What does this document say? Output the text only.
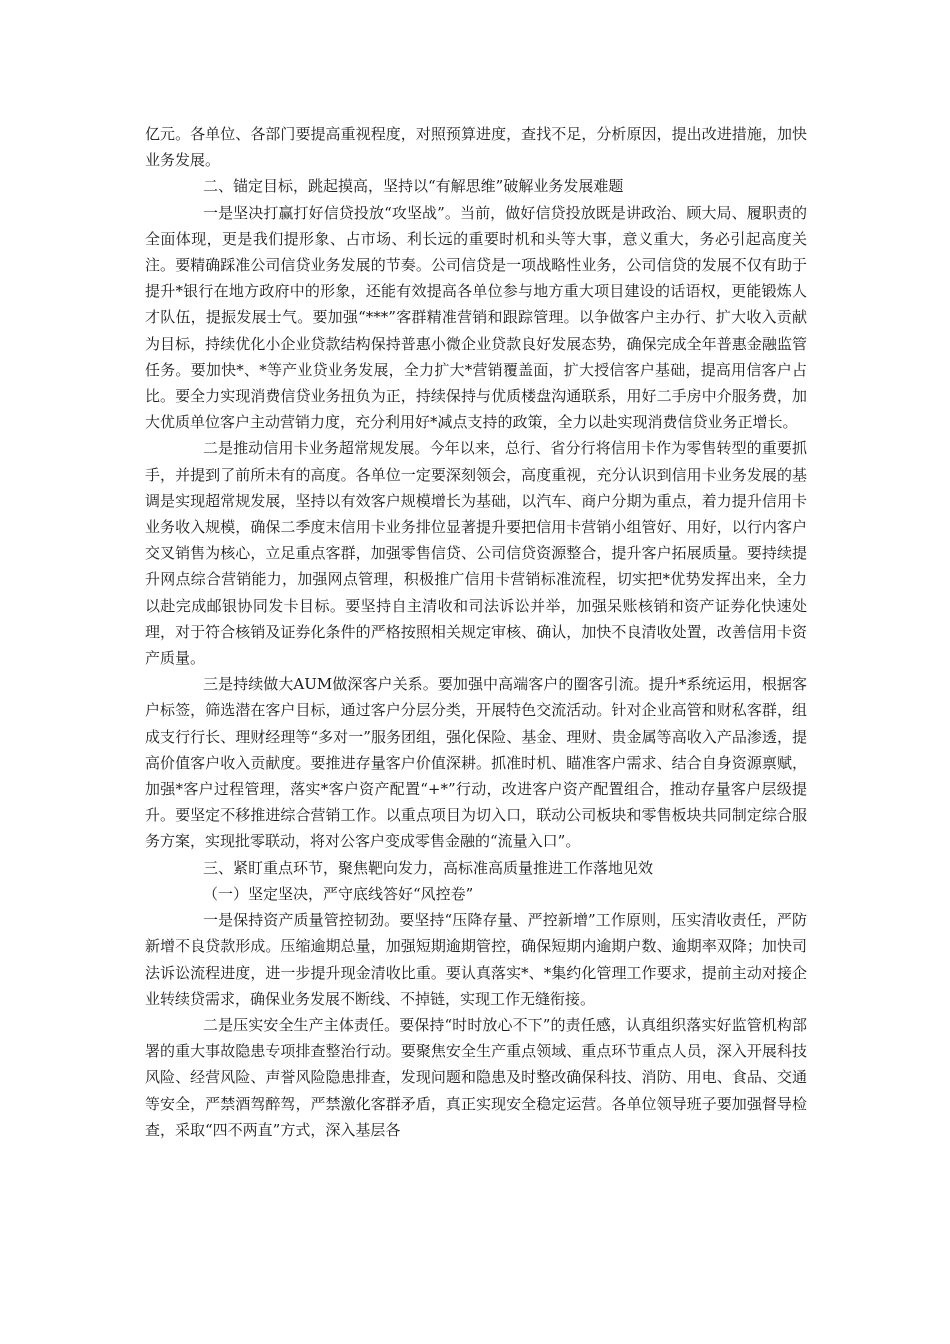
亿元。各单位、各部门要提高重视程度，对照预算进度，查找不足，分析原因，提出改进措施，加快业务发展。

二、锚定目标，跳起摸高，坚持以“有解思维”破解业务发展难题

一是坚决打赢打好信贷投放“攻坚战”。当前，做好信贷投放既是讲政治、顾大局、履职责的全面体现，更是我们提形象、占市场、利长远的重要时机和头等大事，意义重大，务必引起高度关注。要精确踩准公司信贷业务发展的节奏。公司信贷是一项战略性业务，公司信贷的发展不仅有助于提升*银行在地方政府中的形象，还能有效提高各单位参与地方重大项目建设的话语权，更能锻炼人才队伍，提振发展士气。要加强“***”客群精准营销和跟踪管理。以争做客户主办行、扩大收入贡献为目标，持续优化小企业贷款结构保持普惠小微企业贷款良好发展态势，确保完成全年普惠金融监管任务。要加快*、*等产业贷业务发展，全力扩大*营销覆盖面，扩大授信客户基础，提高用信客户占比。要全力实现消费信贷业务扭负为正，持续保持与优质楼盘沟通联系，用好二手房中介服务费，加大优质单位客户主动营销力度，充分利用好*减点支持的政策，全力以赴实现消费信贷业务正增长。

二是推动信用卡业务超常规发展。今年以来，总行、省分行将信用卡作为零售转型的重要抓手，并提到了前所未有的高度。各单位一定要深刻领会，高度重视，充分认识到信用卡业务发展的基调是实现超常规发展，坚持以有效客户规模增长为基础，以汽车、商户分期为重点，着力提升信用卡业务收入规模，确保二季度末信用卡业务排位显著提升要把信用卡营销小组管好、用好，以行内客户交叉销售为核心，立足重点客群，加强零售信贷、公司信贷资源整合，提升客户拓展质量。要持续提升网点综合营销能力，加强网点管理，积极推广信用卡营销标准流程，切实把*优势发挥出来，全力以赴完成邮银协同发卡目标。要坚持自主清收和司法诉讼并举，加强呆账核销和资产证券化快速处理，对于符合核销及证券化条件的严格按照相关规定审核、确认，加快不良清收处置，改善信用卡资产质量。

三是持续做大AUM做深客户关系。要加强中高端客户的圈客引流。提升*系统运用，根据客户标签，筛选潜在客户目标，通过客户分层分类，开展特色交流活动。针对企业高管和财私客群，组成支行行长、理财经理等“多对一”服务团组，强化保险、基金、理财、贵金属等高收入产品渗透，提高价值客户收入贡献度。要推进存量客户价值深耕。抓准时机、瞄准客户需求、结合自身资源禀赋，加强*客户过程管理，落实*客户资产配置“+*”行动，改进客户资产配置组合，推动存量客户层级提升。要坚定不移推进综合营销工作。以重点项目为切入口，联动公司板块和零售板块共同制定综合服务方案，实现批零联动，将对公客户变成零售金融的“流量入口”。

三、紧盯重点环节，聚焦靶向发力，高标准高质量推进工作落地见效

（一）坚定坚决，严守底线答好“风控卷”

一是保持资产质量管控韧劲。要坚持“压降存量、严控新增”工作原则，压实清收责任，严防新增不良贷款形成。压缩逾期总量，加强短期逾期管控，确保短期内逾期户数、逾期率双降；加快司法诉讼流程进度，进一步提升现金清收比重。要认真落实*、*集约化管理工作要求，提前主动对接企业转续贷需求，确保业务发展不断线、不掉链，实现工作无缝衔接。

二是压实安全生产主体责任。要保持“时时放心不下”的责任感，认真组织落实好监管机构部署的重大事故隐患专项排查整治行动。要聚焦安全生产重点领域、重点环节重点人员，深入开展科技风险、经营风险、声誉风险隐患排查，发现问题和隐患及时整改确保科技、消防、用电、食品、交通等安全，严禁酒驾醉驾，严禁激化客群矛盾，真正实现安全稳定运营。各单位领导班子要加强督导检查，采取“四不两直”方式，深入基层各
